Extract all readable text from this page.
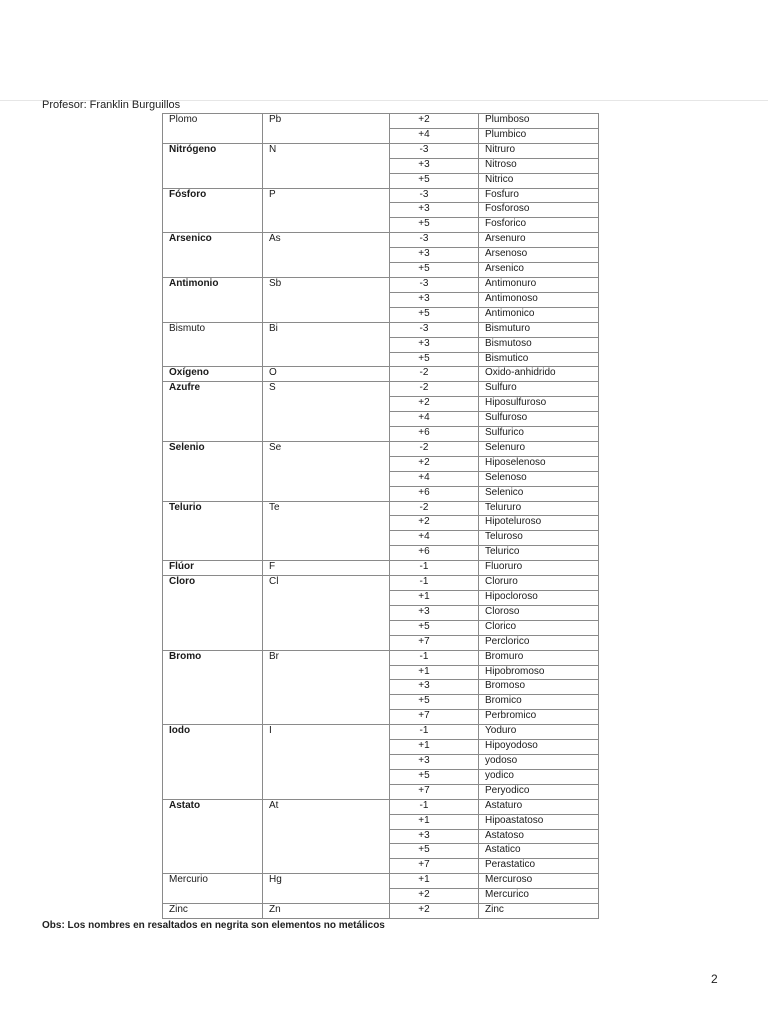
Profesor: Franklin Burguillos
Plomo	Pb	+2	Plumboso
		+4	Plumbico
Nitrógeno	N	-3	Nitruro
		+3	Nitroso
		+5	Nitrico
Fósforo	P	-3	Fosfuro
		+3	Fosforoso
		+5	Fosforico
Arsenico	As	-3	Arsenuro
		+3	Arsenoso
		+5	Arsenico
Antimonio	Sb	-3	Antimonuro
		+3	Antimonoso
		+5	Antimonico
Bismuto	Bi	-3	Bismuturo
		+3	Bismutoso
		+5	Bismutico
Oxígeno	O	-2	Oxido-anhidrido
Azufre	S	-2	Sulfuro
		+2	Hiposulfuroso
		+4	Sulfuroso
		+6	Sulfurico
Selenio	Se	-2	Selenuro
		+2	Hiposelenoso
		+4	Selenoso
		+6	Selenico
Telurio	Te	-2	Telururo
		+2	Hipoteluroso
		+4	Teluroso
		+6	Telurico
Flúor	F	-1	Fluoruro
Cloro	Cl	-1	Cloruro
		+1	Hipocloroso
		+3	Cloroso
		+5	Clorico
		+7	Perclorico
Bromo	Br	-1	Bromuro
		+1	Hipobromoso
		+3	Bromoso
		+5	Bromico
		+7	Perbromico
Iodo	I	-1	Yoduro
		+1	Hipoyodoso
		+3	yodoso
		+5	yodico
		+7	Peryodico
Astato	At	-1	Astaturo
		+1	Hipoastatoso
		+3	Astatoso
		+5	Astatico
		+7	Perastatico
Mercurio	Hg	+1	Mercuroso
		+2	Mercurico
Zinc	Zn	+2	Zinc
Obs: Los nombres en resaltados en negrita son elementos no metálicos
2
